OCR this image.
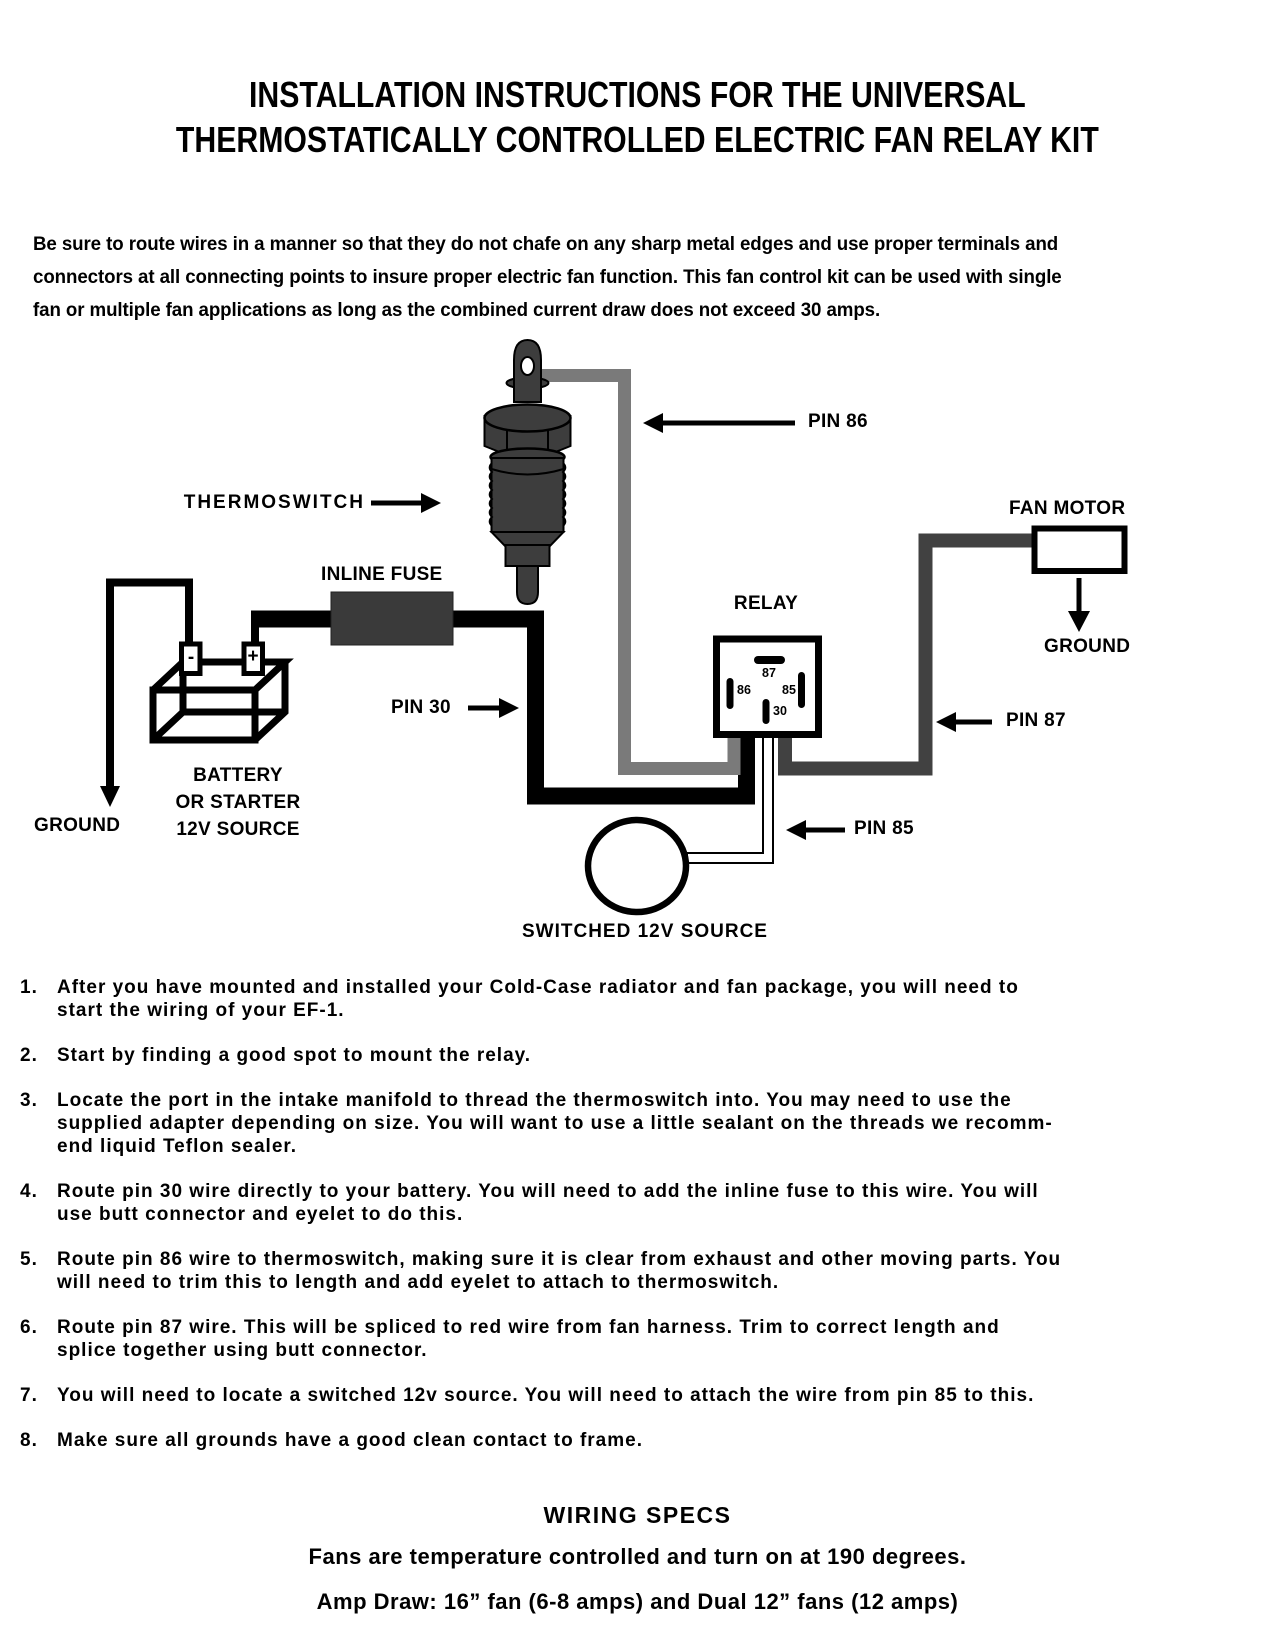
INSTALLATION INSTRUCTIONS FOR THE UNIVERSAL
THERMOSTATICALLY CONTROLLED ELECTRIC FAN RELAY KIT
Be sure to route wires in a manner so that they do not chafe on any sharp metal edges and use proper terminals and
connectors at all connecting points to insure proper electric fan function. This fan control kit can be used with single
fan or multiple fan applications as long as the combined current draw does not exceed 30 amps.
THERMOSWITCH
INLINE FUSE
PIN 86
RELAY
FAN MOTOR
GROUND
PIN 87
PIN 30
PIN 85
GROUND
BATTERY
OR STARTER
12V SOURCE
SWITCHED 12V SOURCE
87
86	85
30
-	+
1. After you have mounted and installed your Cold-Case radiator and fan package, you will need to
start the wiring of your EF-1.
2. Start by finding a good spot to mount the relay.
3. Locate the port in the intake manifold to thread the thermoswitch into. You may need to use the
supplied adapter depending on size. You will want to use a little sealant on the threads we recomm-
end liquid Teflon sealer.
4. Route pin 30 wire directly to your battery. You will need to add the inline fuse to this wire. You will
use butt connector and eyelet to do this.
5. Route pin 86 wire to thermoswitch, making sure it is clear from exhaust and other moving parts. You
will need to trim this to length and add eyelet to attach to thermoswitch.
6. Route pin 87 wire. This will be spliced to red wire from fan harness. Trim to correct length and
splice together using butt connector.
7. You will need to locate a switched 12v source. You will need to attach the wire from pin 85 to this.
8. Make sure all grounds have a good clean contact to frame.
WIRING SPECS
Fans are temperature controlled and turn on at 190 degrees.
Amp Draw: 16” fan (6-8 amps) and Dual 12” fans (12 amps)
